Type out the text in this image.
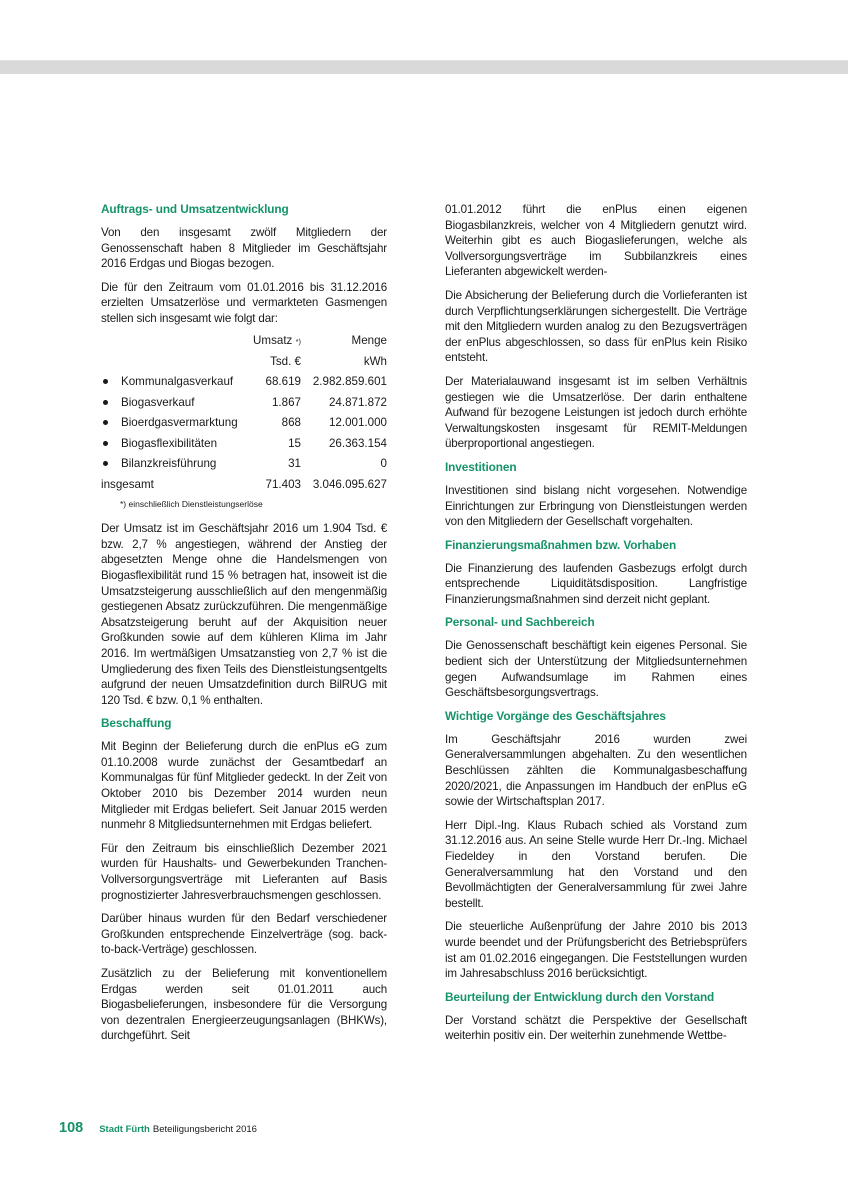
Auftrags- und Umsatzentwicklung

Von den insgesamt zwölf Mitgliedern der Genossenschaft haben 8 Mitglieder im Geschäftsjahr 2016 Erdgas und Biogas bezogen.

Die für den Zeitraum vom 01.01.2016 bis 31.12.2016 erzielten Umsatzerlöse und vermarkteten Gasmengen stellen sich insgesamt wie folgt dar:

		Umsatz *)	Menge
		Tsd. €	kWh
	Kommunalgasverkauf	68.619	2.982.859.601
	Biogasverkauf	1.867	24.871.872
	Bioerdgasvermarktung	868	12.001.000
	Biogasflexibilitäten	15	26.363.154
	Bilanzkreisführung	31	0
insgesamt		71.403	3.046.095.627
*) einschließlich Dienstleistungserlöse

Der Umsatz ist im Geschäftsjahr 2016 um 1.904 Tsd. € bzw. 2,7 % angestiegen, während der Anstieg der abgesetzten Menge ohne die Handelsmengen von Biogasflexibilität rund 15 % betragen hat, insoweit ist die Umsatzsteigerung ausschließlich auf den mengenmäßig gestiegenen Absatz zurückzuführen. Die mengenmäßige Absatzsteigerung beruht auf der Akquisition neuer Großkunden sowie auf dem kühleren Klima im Jahr 2016. Im wertmäßigen Umsatzanstieg von 2,7 % ist die Umgliederung des fixen Teils des Dienstleistungsentgelts aufgrund der neuen Umsatzdefinition durch BilRUG mit 120 Tsd. € bzw. 0,1 % enthalten.

Beschaffung

Mit Beginn der Belieferung durch die enPlus eG zum 01.10.2008 wurde zunächst der Gesamtbedarf an Kommunalgas für fünf Mitglieder gedeckt. In der Zeit von Oktober 2010 bis Dezember 2014 wurden neun Mitglieder mit Erdgas beliefert. Seit Januar 2015 werden nunmehr 8 Mitgliedsunternehmen mit Erdgas beliefert.

Für den Zeitraum bis einschließlich Dezember 2021 wurden für Haushalts- und Gewerbekunden Tranchen-Vollversorgungsverträge mit Lieferanten auf Basis prognostizierter Jahresverbrauchsmengen geschlossen.

Darüber hinaus wurden für den Bedarf verschiedener Großkunden entsprechende Einzelverträge (sog. back-to-back-Verträge) geschlossen.

Zusätzlich zu der Belieferung mit konventionellem Erdgas werden seit 01.01.2011 auch Biogasbelieferungen, insbesondere für die Versorgung von dezentralen Energieerzeugungsanlagen (BHKWs), durchgeführt. Seit

01.01.2012 führt die enPlus einen eigenen Biogasbilanzkreis, welcher von 4 Mitgliedern genutzt wird. Weiterhin gibt es auch Biogaslieferungen, welche als Vollversorgungsverträge im Subbilanzkreis eines Lieferanten abgewickelt werden-

Die Absicherung der Belieferung durch die Vorlieferanten ist durch Verpflichtungserklärungen sichergestellt. Die Verträge mit den Mitgliedern wurden analog zu den Bezugsverträgen der enPlus abgeschlossen, so dass für enPlus kein Risiko entsteht.

Der Materialauwand insgesamt ist im selben Verhältnis gestiegen wie die Umsatzerlöse. Der darin enthaltene Aufwand für bezogene Leistungen ist jedoch durch erhöhte Verwaltungskosten insgesamt für REMIT-Meldungen überproportional angestiegen.

Investitionen

Investitionen sind bislang nicht vorgesehen. Notwendige Einrichtungen zur Erbringung von Dienstleistungen werden von den Mitgliedern der Gesellschaft vorgehalten.

Finanzierungsmaßnahmen bzw. Vorhaben

Die Finanzierung des laufenden Gasbezugs erfolgt durch entsprechende Liquiditätsdisposition. Langfristige Finanzierungsmaßnahmen sind derzeit nicht geplant.

Personal- und Sachbereich

Die Genossenschaft beschäftigt kein eigenes Personal. Sie bedient sich der Unterstützung der Mitgliedsunternehmen gegen Aufwandsumlage im Rahmen eines Geschäftsbesorgungsvertrags.

Wichtige Vorgänge des Geschäftsjahres

Im Geschäftsjahr 2016 wurden zwei Generalversammlungen abgehalten. Zu den wesentlichen Beschlüssen zählten die Kommunalgasbeschaffung 2020/2021, die Anpassungen im Handbuch der enPlus eG sowie der Wirtschaftsplan 2017.

Herr Dipl.-Ing. Klaus Rubach schied als Vorstand zum 31.12.2016 aus. An seine Stelle wurde Herr Dr.-Ing. Michael Fiedeldey in den Vorstand berufen. Die Generalversammlung hat den Vorstand und den Bevollmächtigten der Generalversammlung für zwei Jahre bestellt.

Die steuerliche Außenprüfung der Jahre 2010 bis 2013 wurde beendet und der Prüfungsbericht des Betriebsprüfers ist am 01.02.2016 eingegangen. Die Feststellungen wurden im Jahresabschluss 2016 berücksichtigt.

Beurteilung der Entwicklung durch den Vorstand

Der Vorstand schätzt die Perspektive der Gesellschaft weiterhin positiv ein. Der weiterhin zunehmende Wettbe-

108 Stadt Fürth Beteiligungsbericht 2016
